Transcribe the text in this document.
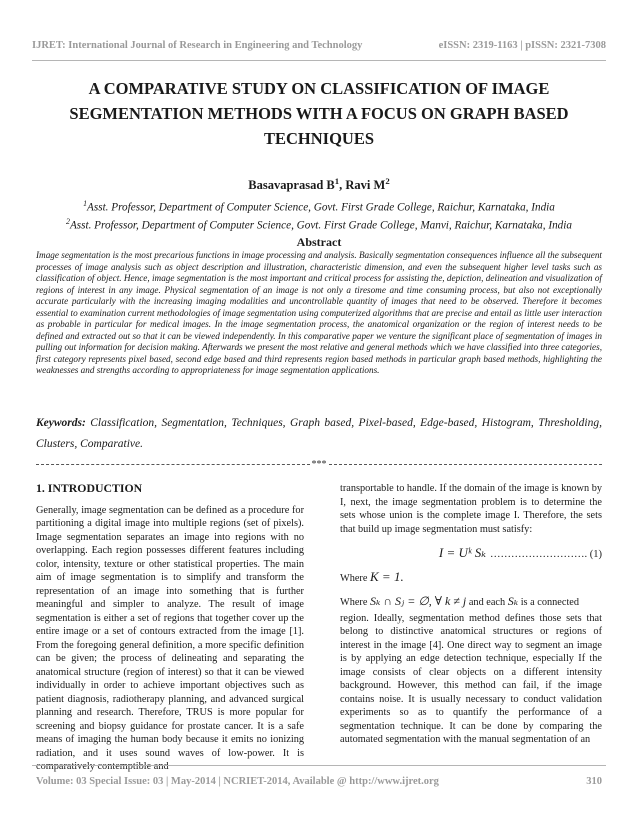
IJRET: International Journal of Research in Engineering and Technology	eISSN: 2319-1163 | pISSN: 2321-7308
A COMPARATIVE STUDY ON CLASSIFICATION OF IMAGE SEGMENTATION METHODS WITH A FOCUS ON GRAPH BASED TECHNIQUES
Basavaprasad $B^1$, Ravi $M^2$
$^1$Asst. Professor, Department of Computer Science, Govt. First Grade College, Raichur, Karnataka, India
$^2$Asst. Professor, Department of Computer Science, Govt. First Grade College, Manvi, Raichur, Karnataka, India
Abstract
Image segmentation is the most precarious functions in image processing and analysis. Basically segmentation consequences influence all the subsequent processes of image analysis such as object description and illustration, characteristic dimension, and even the subsequent higher level tasks such as classification of object. Hence, image segmentation is the most important and critical process for assisting the, depiction, delineation and visualization of regions of interest in any image. Physical segmentation of an image is not only a tiresome and time consuming process, but also not exceptionally accurate particularly with the increasing imaging modalities and uncontrollable quantity of images that need to be observed. Therefore it becomes essential to examination current methodologies of image segmentation using computerized algorithms that are precise and entail as little user interaction as probable in particular for medical images. In the image segmentation process, the anatomical organization or the region of interest needs to be defined and extracted out so that it can be viewed independently. In this comparative paper we venture the significant place of segmentation of images in pulling out information for decision making. Afterwards we present the most relative and general methods which we have classified into three categories, first category represents pixel based, second edge based and third represents region based methods in particular graph based methods, highlighting the weaknesses and strengths according to appropriateness for image segmentation applications.
Keywords: Classification, Segmentation, Techniques, Graph based, Pixel-based, Edge-based, Histogram, Thresholding, Clusters, Comparative.
***
1. INTRODUCTION

Generally, image segmentation can be defined as a procedure for partitioning a digital image into multiple regions (set of pixels). Image segmentation separates an image into regions with no overlapping. Each region possesses different features including color, intensity, texture or other statistical properties. The main aim of image segmentation is to simplify and transform the representation of an image into something that is further meaningful and simpler to analyze. The result of image segmentation is either a set of regions that together cover up the entire image or a set of contours extracted from the image [1]. From the foregoing general definition, a more specific definition can be given; the process of delineating and separating the anatomical structure (region of interest) so that it can be viewed individually in order to achieve important objectives such as patient diagnosis, radiotherapy planning, and advanced surgical planning and research. Therefore, TRUS is more popular for screening and biopsy guidance for prostate cancer. It is a safe means of imaging the human body because it emits no ionizing radiation, and it uses sound waves of low-power. It is comparatively contemptible and

transportable to handle. If the domain of the image is known by I, next, the image segmentation problem is to determine the sets whose union is the complete image I. Therefore, the sets that build up image segmentation must satisfy:

I = Uᵏ Sₖ ………………………. (1)
Where K = 1.
Where Sₖ ∩ Sⱼ = ∅, ∀ k ≠ j and each Sₖ is a connected

region. Ideally, segmentation method defines those sets that belong to distinctive anatomical structures or regions of interest in the image [4]. One direct way to segment an image is by applying an edge detection technique, especially If the image consists of clear objects on a different intensity background. However, this method can fail, if the image contains noise. It is usually necessary to conduct validation experiments so as to quantify the performance of a segmentation technique. It can be done by comparing the automated segmentation with the manual segmentation of an

Volume: 03 Special Issue: 03 | May-2014 | NCRIET-2014, Available @ http://www.ijret.org	310
